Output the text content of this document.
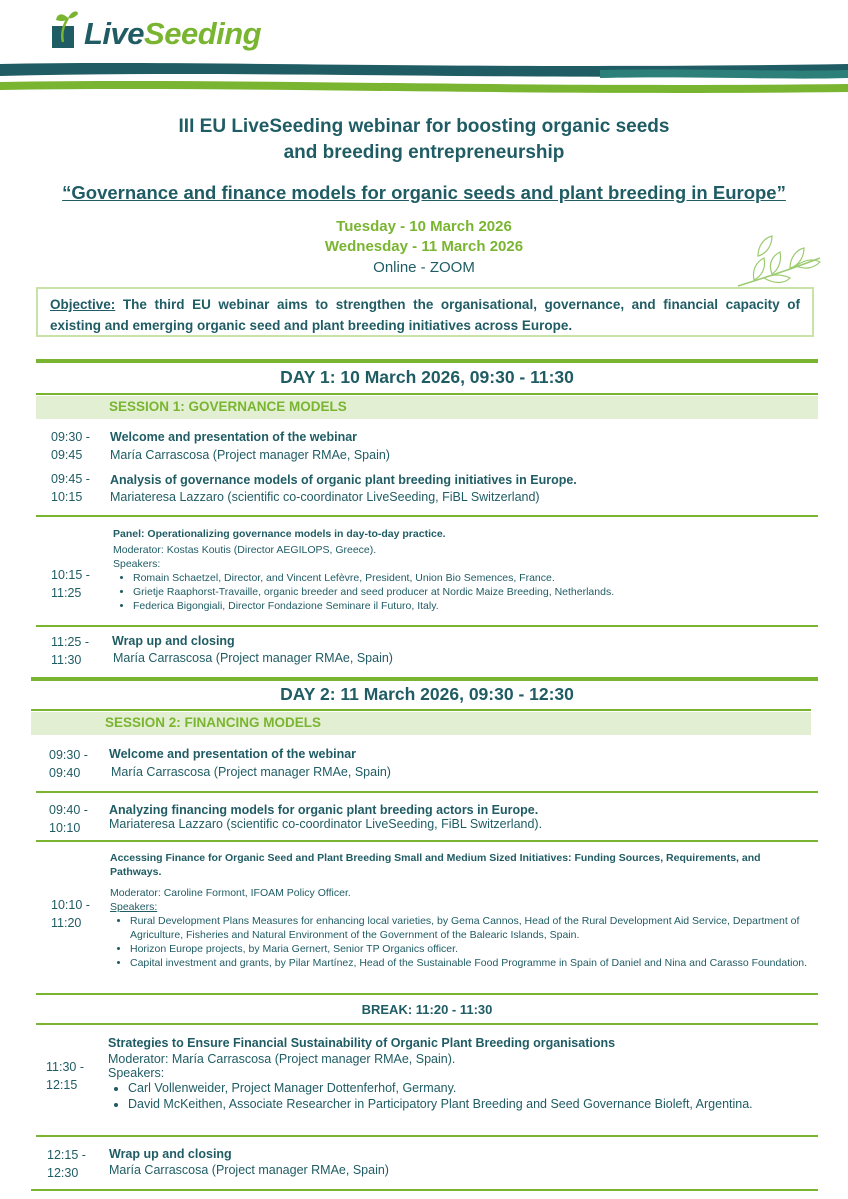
LiveSeeding
III EU LiveSeeding webinar for boosting organic seeds
and breeding entrepreneurship
“Governance and finance models for organic seeds and plant breeding in Europe”
Tuesday - 10 March 2026
Wednesday - 11 March 2026
Online - ZOOM
Objective: The third EU webinar aims to strengthen the organisational, governance, and financial capacity of existing and emerging organic seed and plant breeding initiatives across Europe.
DAY 1: 10 March 2026, 09:30 - 11:30
SESSION 1: GOVERNANCE MODELS
09:30 -
09:45
Welcome and presentation of the webinar
María Carrascosa (Project manager RMAe, Spain)
09:45 -
10:15
Analysis of governance models of organic plant breeding initiatives in Europe.
Mariateresa Lazzaro (scientific co-coordinator LiveSeeding, FiBL Switzerland)
10:15 -
11:25
Panel: Operationalizing governance models in day-to-day practice.
Moderator: Kostas Koutis (Director AEGILOPS, Greece).
Speakers:
• Romain Schaetzel, Director, and Vincent Lefèvre, President, Union Bio Semences, France.
• Grietje Raaphorst-Travaille, organic breeder and seed producer at Nordic Maize Breeding, Netherlands.
• Federica Bigongiali, Director Fondazione Seminare il Futuro, Italy.
11:25 -
11:30
Wrap up and closing
María Carrascosa (Project manager RMAe, Spain)
DAY 2: 11 March 2026, 09:30 - 12:30
SESSION 2: FINANCING MODELS
09:30 -
09:40
Welcome and presentation of the webinar
María Carrascosa (Project manager RMAe, Spain)
09:40 -
10:10
Analyzing financing models for organic plant breeding actors in Europe.
Mariateresa Lazzaro (scientific co-coordinator LiveSeeding, FiBL Switzerland).
10:10 -
11:20
Accessing Finance for Organic Seed and Plant Breeding Small and Medium Sized Initiatives: Funding Sources, Requirements, and Pathways.
Moderator: Caroline Formont, IFOAM Policy Officer.
Speakers:
• Rural Development Plans Measures for enhancing local varieties, by Gema Cannos, Head of the Rural Development Aid Service, Department of Agriculture, Fisheries and Natural Environment of the Government of the Balearic Islands, Spain.
• Horizon Europe projects, by Maria Gernert, Senior TP Organics officer.
• Capital investment and grants, by Pilar Martínez, Head of the Sustainable Food Programme in Spain of Daniel and Nina and Carasso Foundation.
BREAK: 11:20 - 11:30
11:30 -
12:15
Strategies to Ensure Financial Sustainability of Organic Plant Breeding organisations
Moderator: María Carrascosa (Project manager RMAe, Spain).
Speakers:
• Carl Vollenweider, Project Manager Dottenferhof, Germany.
• David McKeithen, Associate Researcher in Participatory Plant Breeding and Seed Governance Bioleft, Argentina.
12:15 -
12:30
Wrap up and closing
María Carrascosa (Project manager RMAe, Spain)
